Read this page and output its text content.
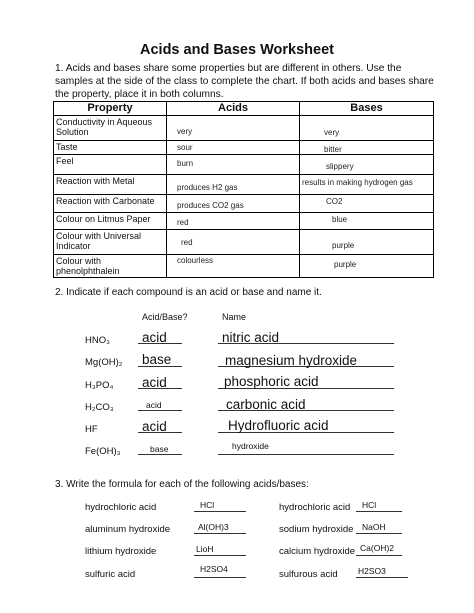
Acids and Bases Worksheet
1. Acids and bases share some properties but are different in others. Use the samples at the side of the class to complete the chart. If both acids and bases share the property, place it in both columns.
Property	Acids	Bases
Conductivity in Aqueous Solution	very	very

Taste	sour	bitter

Feel	burn	slippery

Reaction with Metal	produces H2 gas	results in making hydrogen gas

Reaction with Carbonate	produces CO2 gas	CO2

Colour on Litmus Paper	red	blue

Colour with Universal Indicator	red	purple

Colour with phenolphthalein	colourless	purple
2. Indicate if each compound is an acid or base and name it.
Acid/Base?	Name
HNO₃ acid	nitric acid
Mg(OH)₂ base	magnesium hydroxide
H₃PO₄ acid	phosphoric acid
H₂CO₃	acid	carbonic acid
HF	acid	Hydrofluoric acid
Fe(OH)₃	base	hydroxide
3. Write the formula for each of the following acids/bases:
hydrochloric acid	HCl	hydrochloric acid HCl
aluminum hydroxide	Al(OH)3	sodium hydroxide NaOH
lithium hydroxide	LioH	calcium hydroxide Ca(OH)2
sulfuric acid	H2SO4	sulfurous acid H2SO3
